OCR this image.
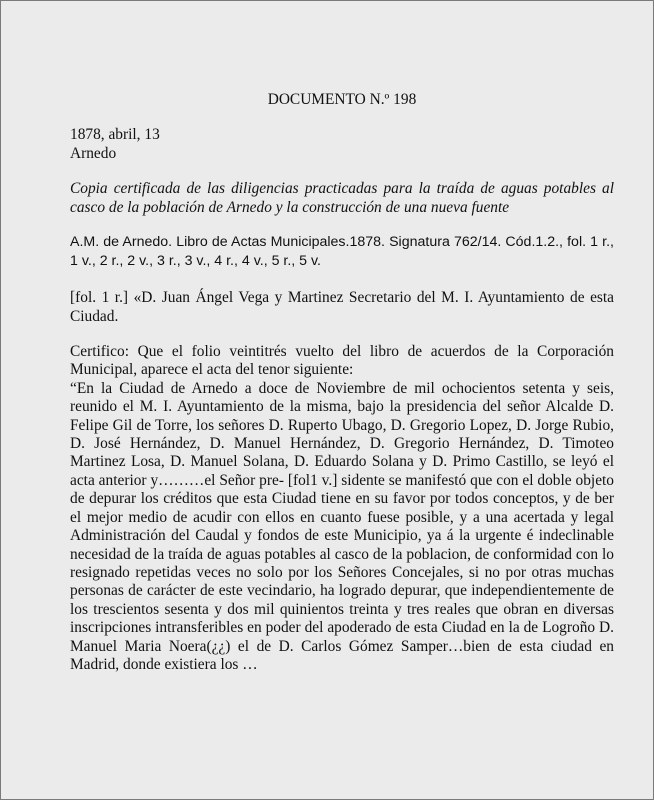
DOCUMENTO N.º 198
1878, abril, 13
Arnedo
Copia certificada de las diligencias practicadas para la traída de aguas potables al casco de la población de Arnedo y la construcción de una nueva fuente
A.M. de Arnedo. Libro de Actas Municipales.1878. Signatura 762/14. Cód.1.2., fol. 1 r., 1 v., 2 r., 2 v., 3 r., 3 v., 4 r., 4 v., 5 r., 5 v.
[fol. 1 r.] «D. Juan Ángel Vega y Martinez Secretario del M. I. Ayuntamiento de esta Ciudad.
Certifico: Que el folio veintitrés vuelto del libro de acuerdos de la Corporación
Municipal, aparece el acta del tenor siguiente:
“En la Ciudad de Arnedo a doce de Noviembre de mil ochocientos setenta y seis,
reunido el M. I. Ayuntamiento de la misma, bajo la presidencia del señor Alcalde D.
Felipe Gil de Torre, los señores D. Ruperto Ubago, D. Gregorio Lopez, D. Jorge Rubio,
D. José Hernández, D. Manuel Hernández, D. Gregorio Hernández, D. Timoteo
Martinez Losa, D. Manuel Solana, D. Eduardo Solana y D. Primo Castillo, se leyó el
acta anterior y………el Señor pre- [fol1 v.] sidente se manifestó que con el doble objeto
de depurar los créditos que esta Ciudad tiene en su favor por todos conceptos, y de ber
el mejor medio de acudir con ellos en cuanto fuese posible, y a una acertada y legal
Administración del Caudal y fondos de este Municipio, ya á la urgente é indeclinable
necesidad de la traída de aguas potables al casco de la poblacion, de conformidad con lo
resignado repetidas veces no solo por los Señores Concejales, si no por otras muchas
personas de carácter de este vecindario, ha logrado depurar, que independientemente de
los trescientos sesenta y dos mil quinientos treinta y tres reales que obran en diversas
inscripciones intransferibles en poder del apoderado de esta Ciudad en la de Logroño D.
Manuel Maria Noera(¿¿) el de D. Carlos Gómez Samper…bien de esta ciudad en
Madrid, donde existiera los …
